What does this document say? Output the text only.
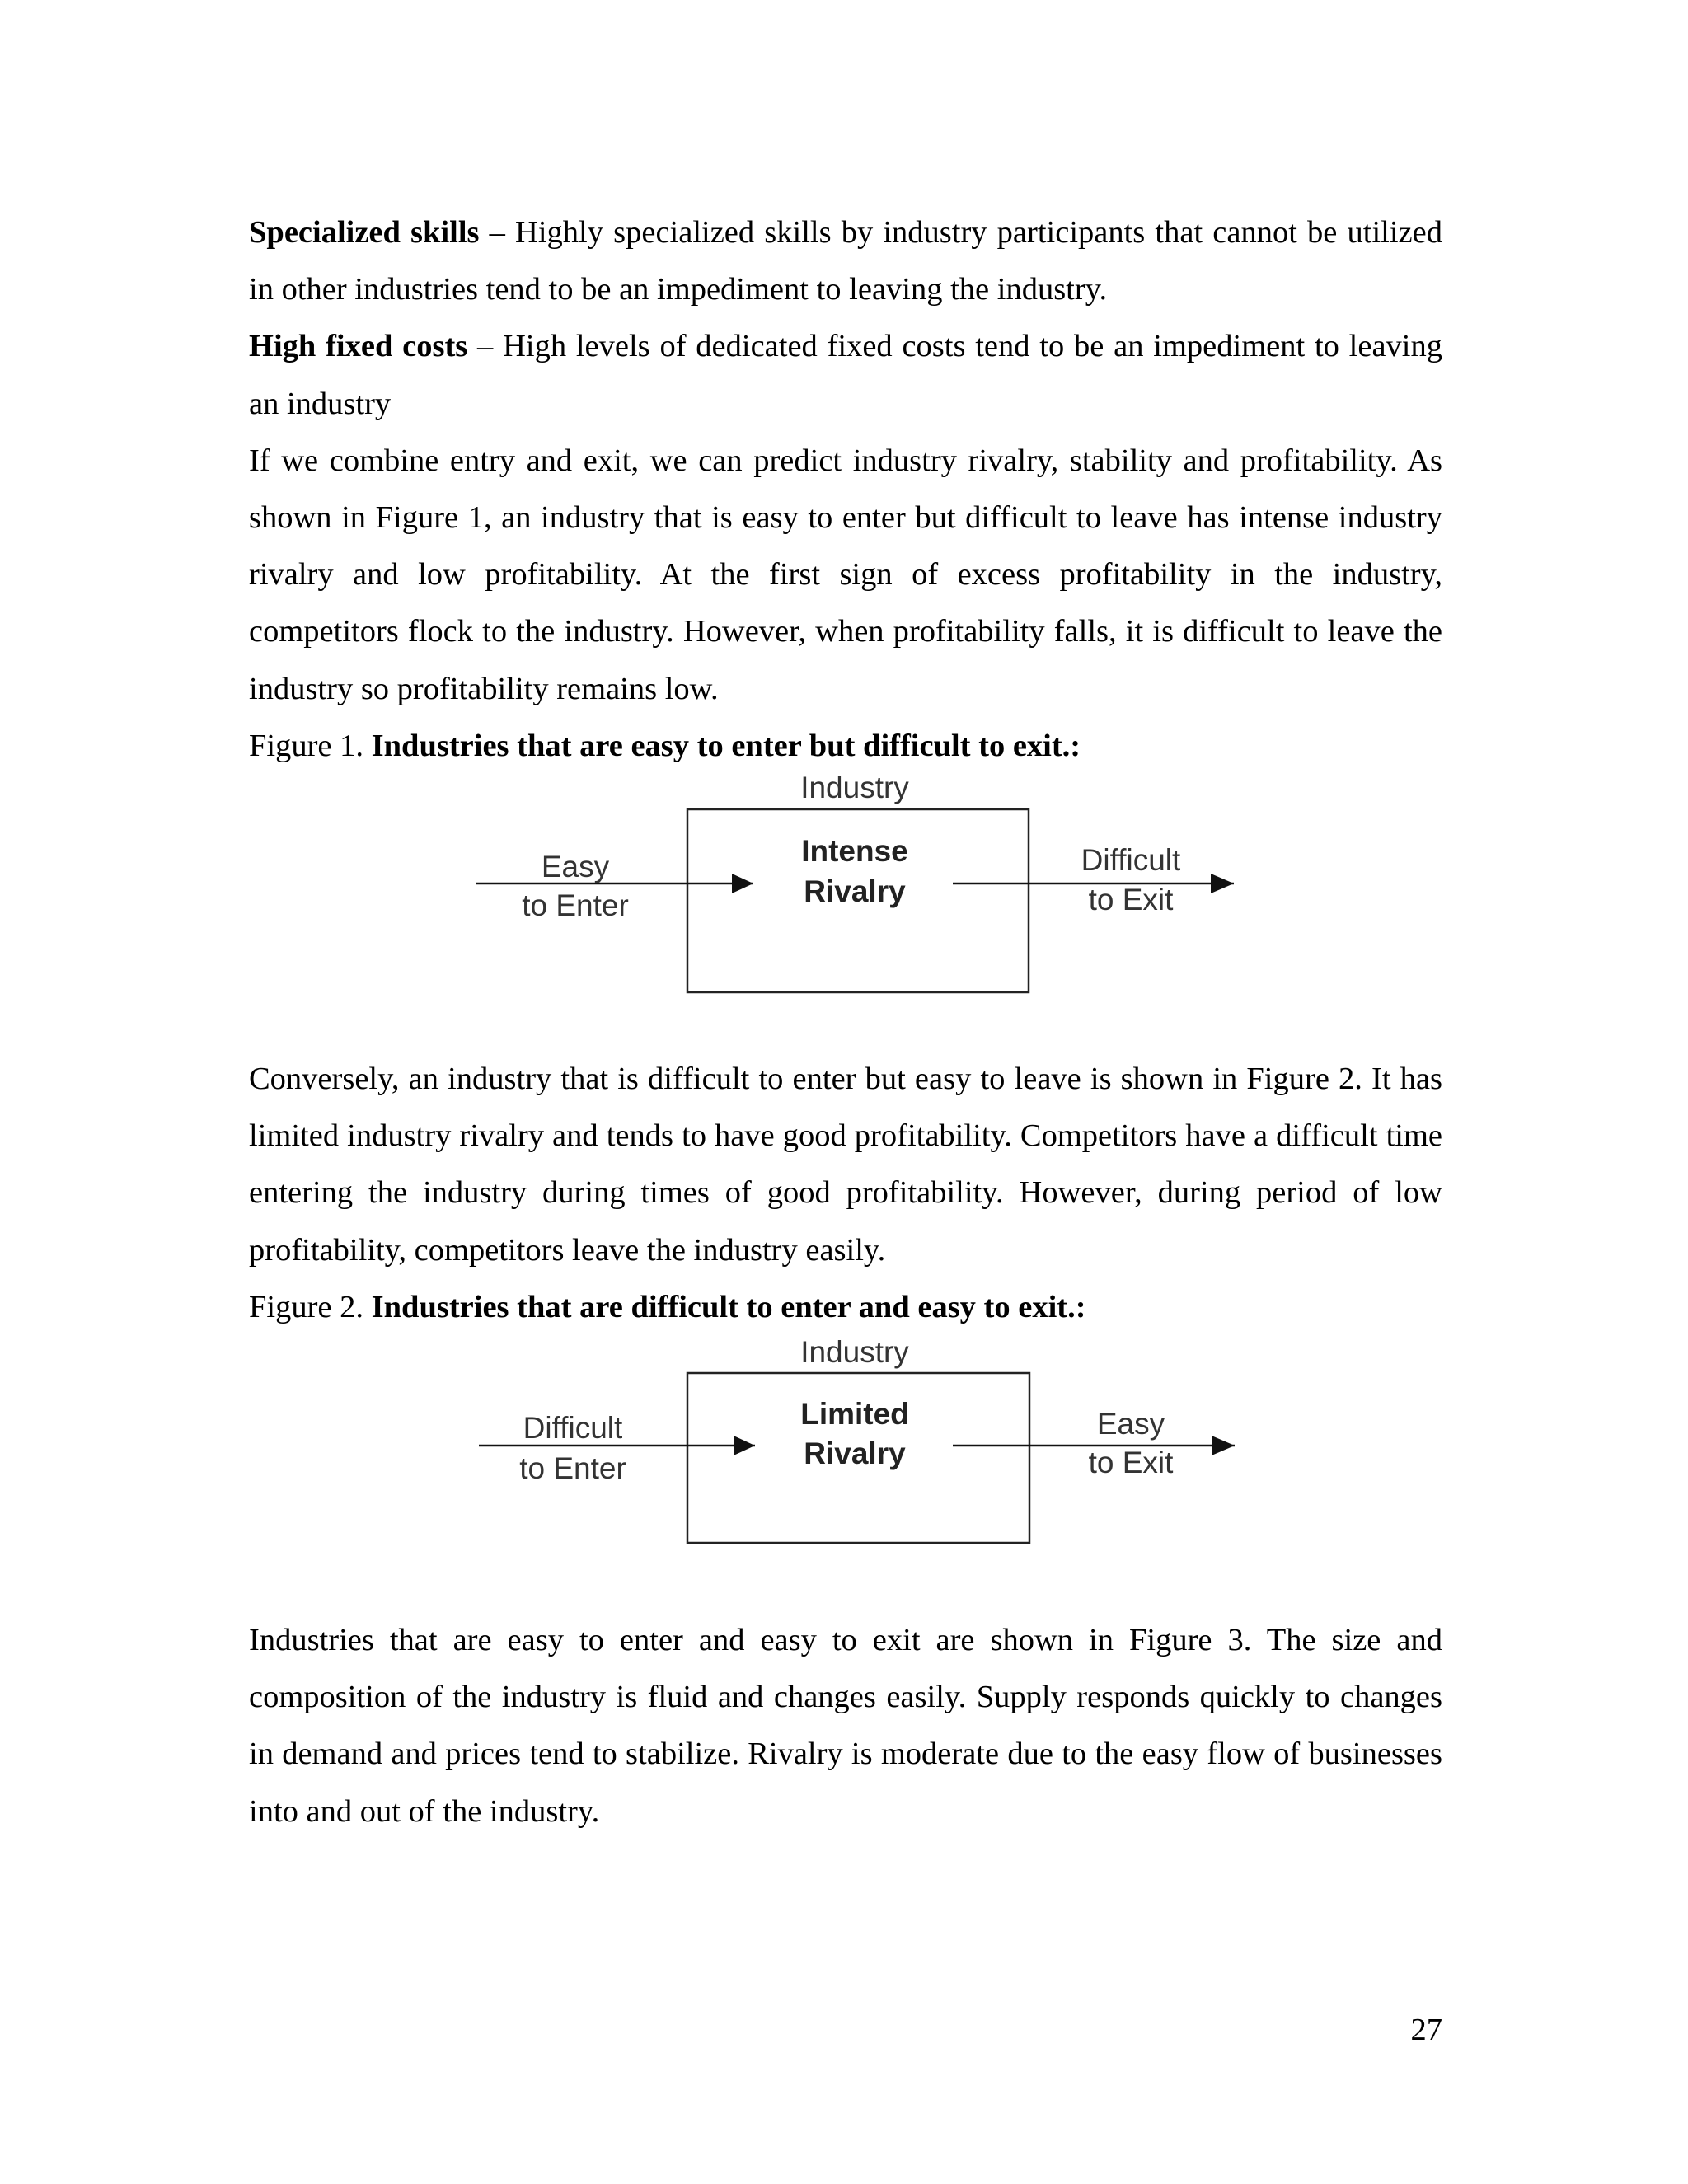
Specialized skills – Highly specialized skills by industry participants that cannot be utilized in other industries tend to be an impediment to leaving the industry.

High fixed costs – High levels of dedicated fixed costs tend to be an impediment to leaving an industry

If we combine entry and exit, we can predict industry rivalry, stability and profitability. As shown in Figure 1, an industry that is easy to enter but difficult to leave has intense industry rivalry and low profitability. At the first sign of excess profitability in the industry, competitors flock to the industry. However, when profitability falls, it is difficult to leave the industry so profitability remains low.

Figure 1. Industries that are easy to enter but difficult to exit.:

Industry
Intense
Rivalry
Easy
to Enter
Difficult
to Exit

Conversely, an industry that is difficult to enter but easy to leave is shown in Figure 2. It has limited industry rivalry and tends to have good profitability. Competitors have a difficult time entering the industry during times of good profitability. However, during period of low profitability, competitors leave the industry easily.

Figure 2. Industries that are difficult to enter and easy to exit.:

Industry
Limited
Rivalry
Difficult
to Enter
Easy
to Exit

Industries that are easy to enter and easy to exit are shown in Figure 3. The size and composition of the industry is fluid and changes easily. Supply responds quickly to changes in demand and prices tend to stabilize. Rivalry is moderate due to the easy flow of businesses into and out of the industry.

27
